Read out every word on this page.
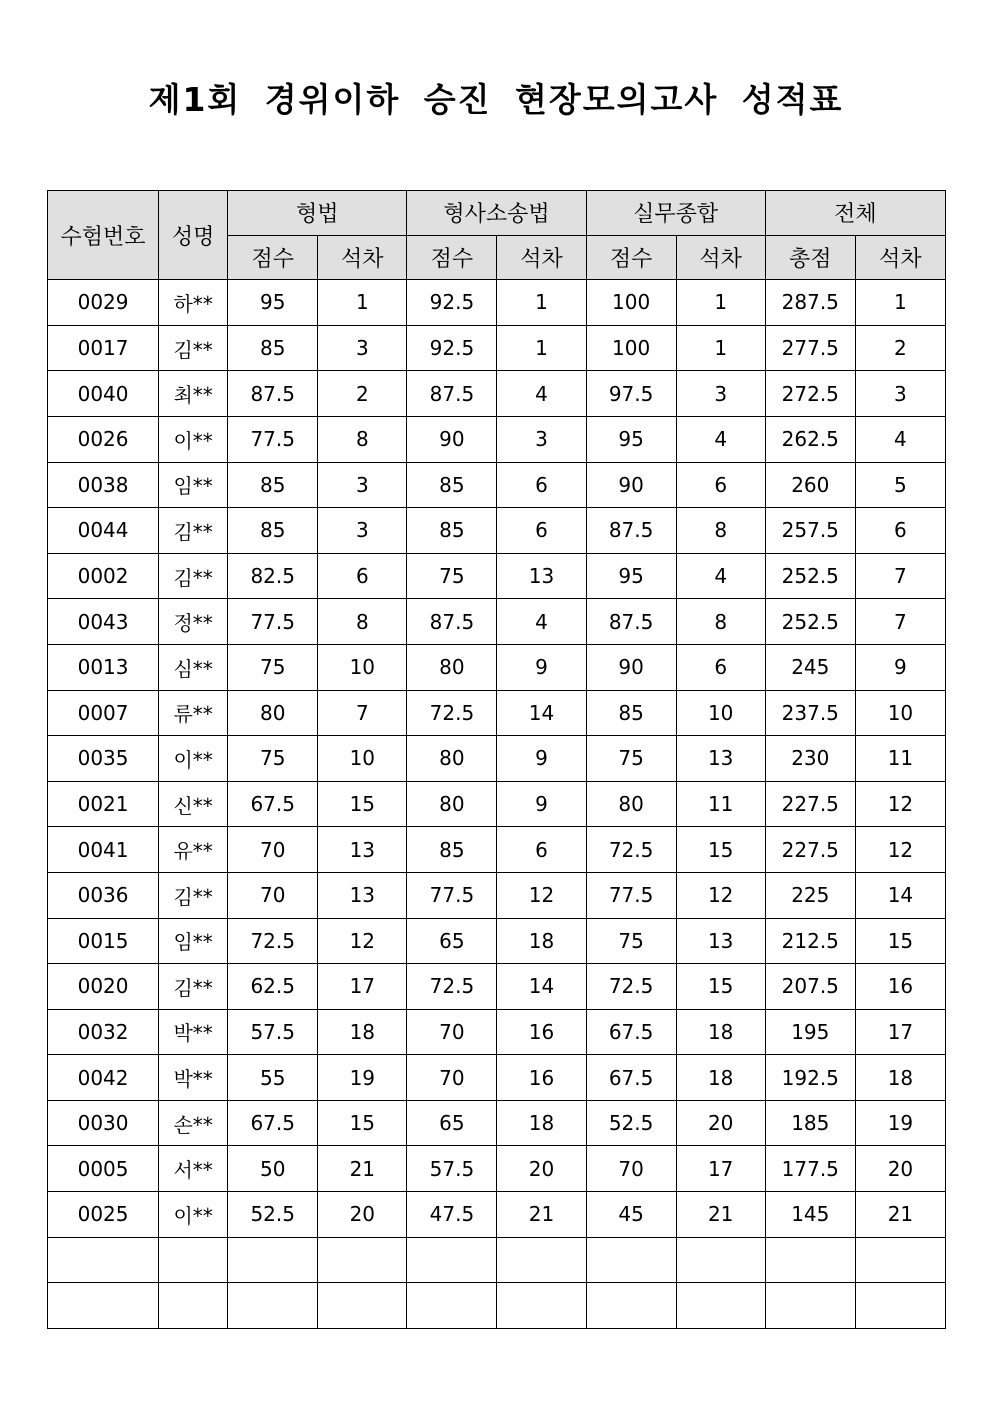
제1회 경위이하 승진 현장모의고사 성적표
수험번호	성명	형법		형사소송법		실무종합		전체	
		점수	석차	점수	석차	점수	석차	총점	석차
0029	하**	95	1	92.5	1	100	1	287.5	1
0017	김**	85	3	92.5	1	100	1	277.5	2
0040	최**	87.5	2	87.5	4	97.5	3	272.5	3
0026	이**	77.5	8	90	3	95	4	262.5	4
0038	임**	85	3	85	6	90	6	260	5
0044	김**	85	3	85	6	87.5	8	257.5	6
0002	김**	82.5	6	75	13	95	4	252.5	7
0043	정**	77.5	8	87.5	4	87.5	8	252.5	7
0013	심**	75	10	80	9	90	6	245	9
0007	류**	80	7	72.5	14	85	10	237.5	10
0035	이**	75	10	80	9	75	13	230	11
0021	신**	67.5	15	80	9	80	11	227.5	12
0041	유**	70	13	85	6	72.5	15	227.5	12
0036	김**	70	13	77.5	12	77.5	12	225	14
0015	임**	72.5	12	65	18	75	13	212.5	15
0020	김**	62.5	17	72.5	14	72.5	15	207.5	16
0032	박**	57.5	18	70	16	67.5	18	195	17
0042	박**	55	19	70	16	67.5	18	192.5	18
0030	손**	67.5	15	65	18	52.5	20	185	19
0005	서**	50	21	57.5	20	70	17	177.5	20
0025	이**	52.5	20	47.5	21	45	21	145	21
